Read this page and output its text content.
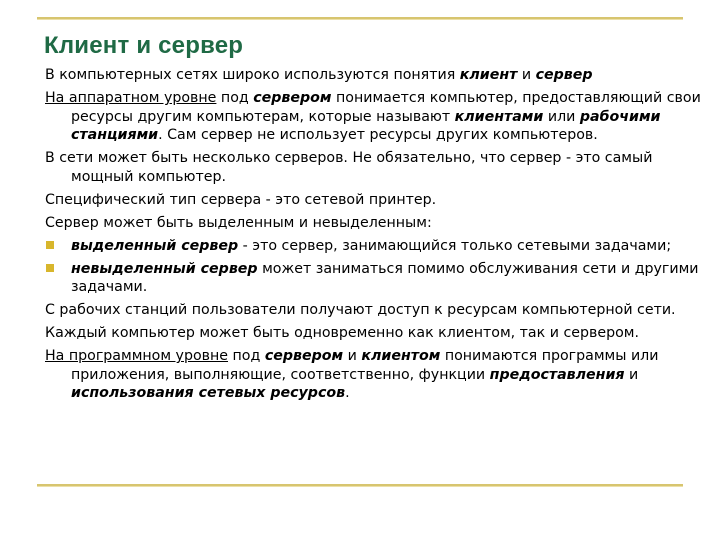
Клиент и сервер

В компьютерных сетях широко используются понятия клиент и сервер

На аппаратном уровне под сервером понимается компьютер, предоставляющий свои ресурсы другим компьютерам, которые называют клиентами или рабочими станциями. Сам сервер не использует ресурсы других компьютеров.

В сети может быть несколько серверов. Не обязательно, что сервер - это самый мощный компьютер.

Специфический тип сервера - это сетевой принтер.

Сервер может быть выделенным и невыделенным:

выделенный сервер - это сервер, занимающийся только сетевыми задачами;
невыделенный сервер может заниматься помимо обслуживания сети и другими задачами.

С рабочих станций пользователи получают доступ к ресурсам компьютерной сети.

Каждый компьютер может быть одновременно как клиентом, так и сервером.

На программном уровне под сервером и клиентом понимаются программы или приложения, выполняющие, соответственно, функции предоставления и использования сетевых ресурсов.
